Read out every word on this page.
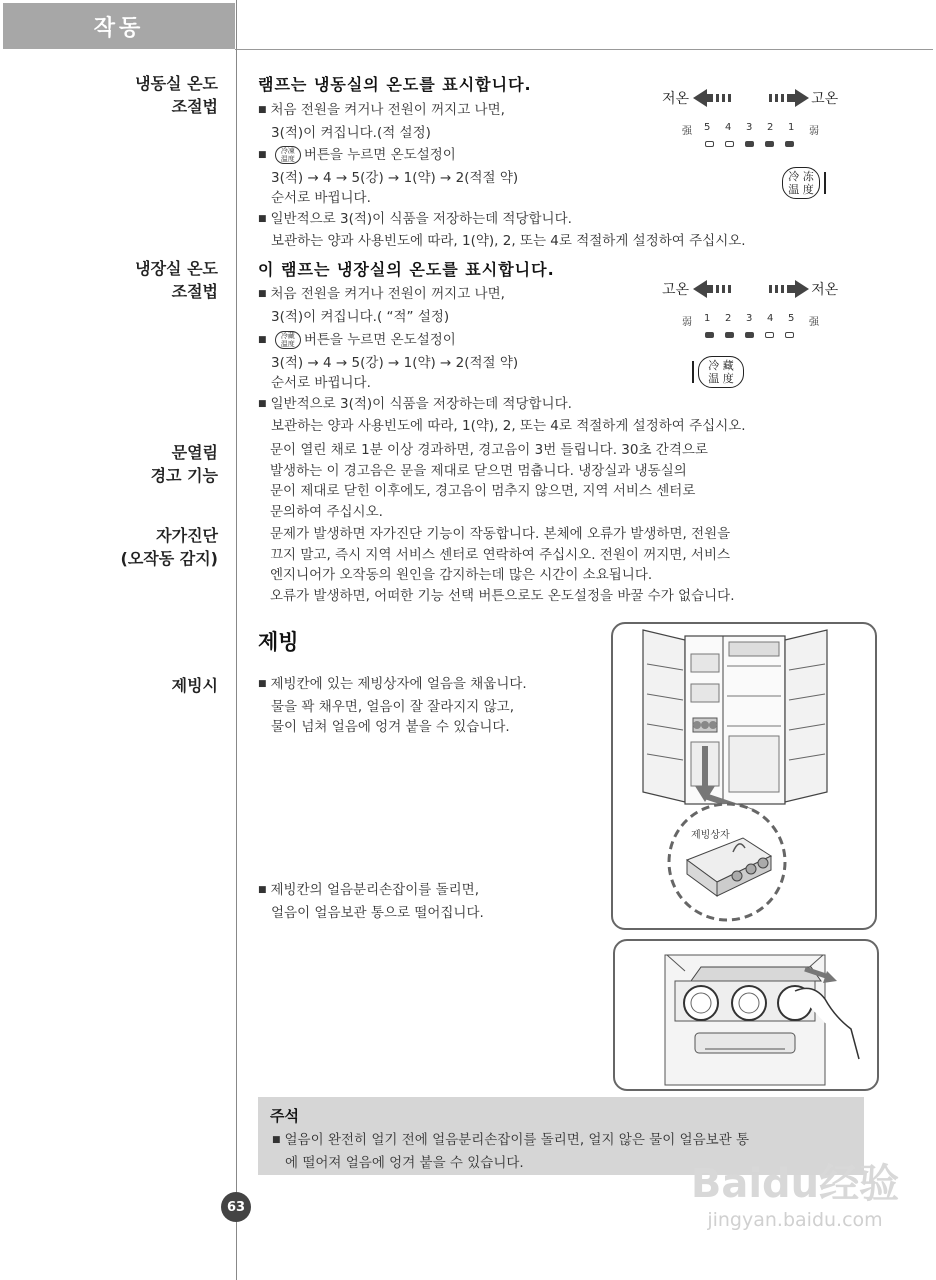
작동
냉동실 온도
조절법
램프는 냉동실의 온도를 표시합니다.
■ 처음 전원을 켜거나 전원이 꺼지고 나면,
3(적)이 켜집니다.(적 설정)
■ 冷凍
温度 버튼을 누르면 온도설정이
3(적) → 4 → 5(강) → 1(약) → 2(적절 약)
순서로 바뀝니다.
■ 일반적으로 3(적)이 식품을 저장하는데 적당합니다.
보관하는 양과 사용빈도에 따라, 1(약), 2, 또는 4로 적절하게 설정하여 주십시오.
저온	고온
强	5	4	3	2	1	弱
冷 冻
温 度
냉장실 온도
조절법
이 램프는 냉장실의 온도를 표시합니다.
■ 처음 전원을 켜거나 전원이 꺼지고 나면,
3(적)이 켜집니다.( “적” 설정)
■ 冷藏
温度 버튼을 누르면 온도설정이
3(적) → 4 → 5(강) → 1(약) → 2(적절 약)
순서로 바뀝니다.
■ 일반적으로 3(적)이 식품을 저장하는데 적당합니다.
보관하는 양과 사용빈도에 따라, 1(약), 2, 또는 4로 적절하게 설정하여 주십시오.
고온	저온
弱	1	2	3	4	5	强
冷 藏
温 度
문열림
경고 기능
문이 열린 채로 1분 이상 경과하면, 경고음이 3번 들립니다. 30초 간격으로
발생하는 이 경고음은 문을 제대로 닫으면 멈춥니다. 냉장실과 냉동실의
문이 제대로 닫힌 이후에도, 경고음이 멈추지 않으면, 지역 서비스 센터로
문의하여 주십시오.
자가진단
(오작동 감지)
문제가 발생하면 자가진단 기능이 작동합니다. 본체에 오류가 발생하면, 전원을
끄지 말고, 즉시 지역 서비스 센터로 연락하여 주십시오. 전원이 꺼지면, 서비스
엔지니어가 오작동의 원인을 감지하는데 많은 시간이 소요됩니다.
오류가 발생하면, 어떠한 기능 선택 버튼으로도 온도설정을 바꿀 수가 없습니다.
제빙
제빙시
■	제빙칸에 있는 제빙상자에 얼음을 채웁니다.
물을 꽉 채우면, 얼음이 잘 잘라지지 않고,
물이 넘쳐 얼음에 엉겨 붙을 수 있습니다.
■ 제빙칸의 얼음분리손잡이를 돌리면,
얼음이 얼음보관 통으로 떨어집니다.
제빙상자
주석
■ 얼음이 완전히 얼기 전에 얼음분리손잡이를 돌리면, 얼지 않은 물이 얼음보관 통
에 떨어져 얼음에 엉겨 붙을 수 있습니다.
63	Baidu经验
jingyan.baidu.com
